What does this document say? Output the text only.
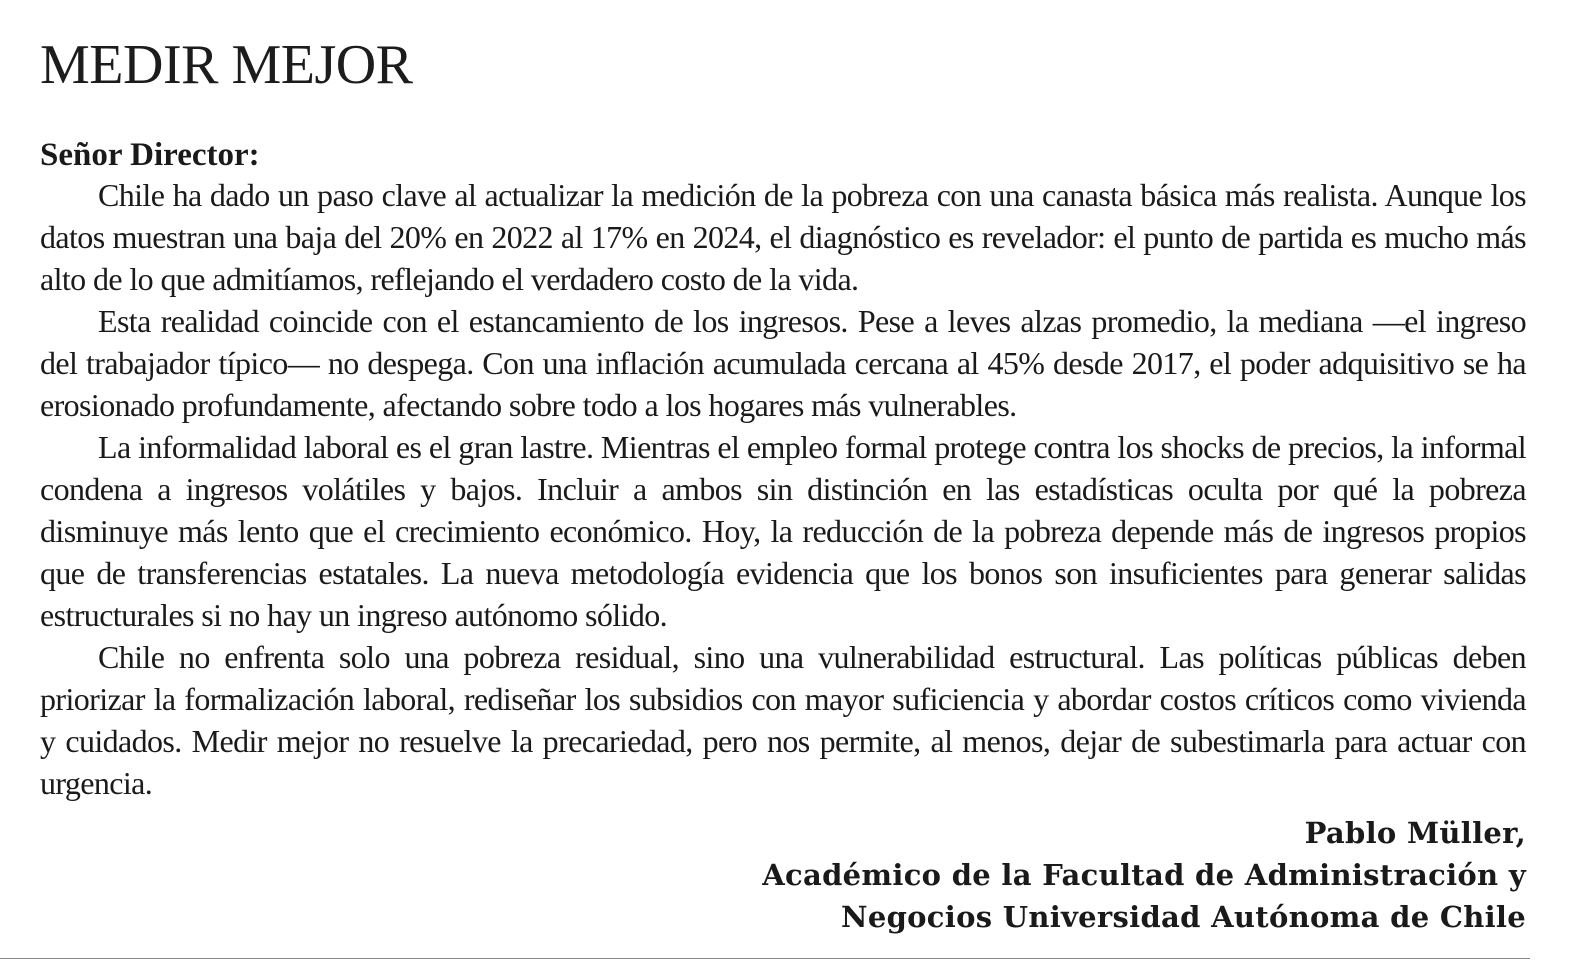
MEDIR MEJOR

Señor Director:

Chile ha dado un paso clave al actualizar la medición de la pobreza con una canasta básica más realista. Aunque los datos muestran una baja del 20% en 2022 al 17% en 2024, el diagnóstico es revelador: el punto de partida es mucho más alto de lo que admitíamos, reflejando el verdadero costo de la vida.

Esta realidad coincide con el estancamiento de los ingresos. Pese a leves alzas promedio, la mediana —el ingreso del trabajador típico— no despega. Con una inflación acumulada cercana al 45% desde 2017, el poder adquisitivo se ha erosionado profundamente, afectando sobre todo a los hogares más vulnerables.

La informalidad laboral es el gran lastre. Mientras el empleo formal protege contra los shocks de precios, la informal condena a ingresos volátiles y bajos. Incluir a ambos sin distinción en las estadísticas oculta por qué la pobreza disminuye más lento que el crecimiento económico. Hoy, la reducción de la pobreza depende más de ingresos propios que de transferencias estatales. La nueva metodología evidencia que los bonos son insuficientes para generar salidas estructurales si no hay un ingreso autónomo sólido.

Chile no enfrenta solo una pobreza residual, sino una vulnerabilidad estructural. Las políticas públicas deben priorizar la formalización laboral, rediseñar los subsidios con mayor suficiencia y abordar costos críticos como vivienda y cuidados. Medir mejor no resuelve la precariedad, pero nos permite, al menos, dejar de subestimarla para actuar con urgencia.

Pablo Müller,
Académico de la Facultad de Administración y
Negocios Universidad Autónoma de Chile
